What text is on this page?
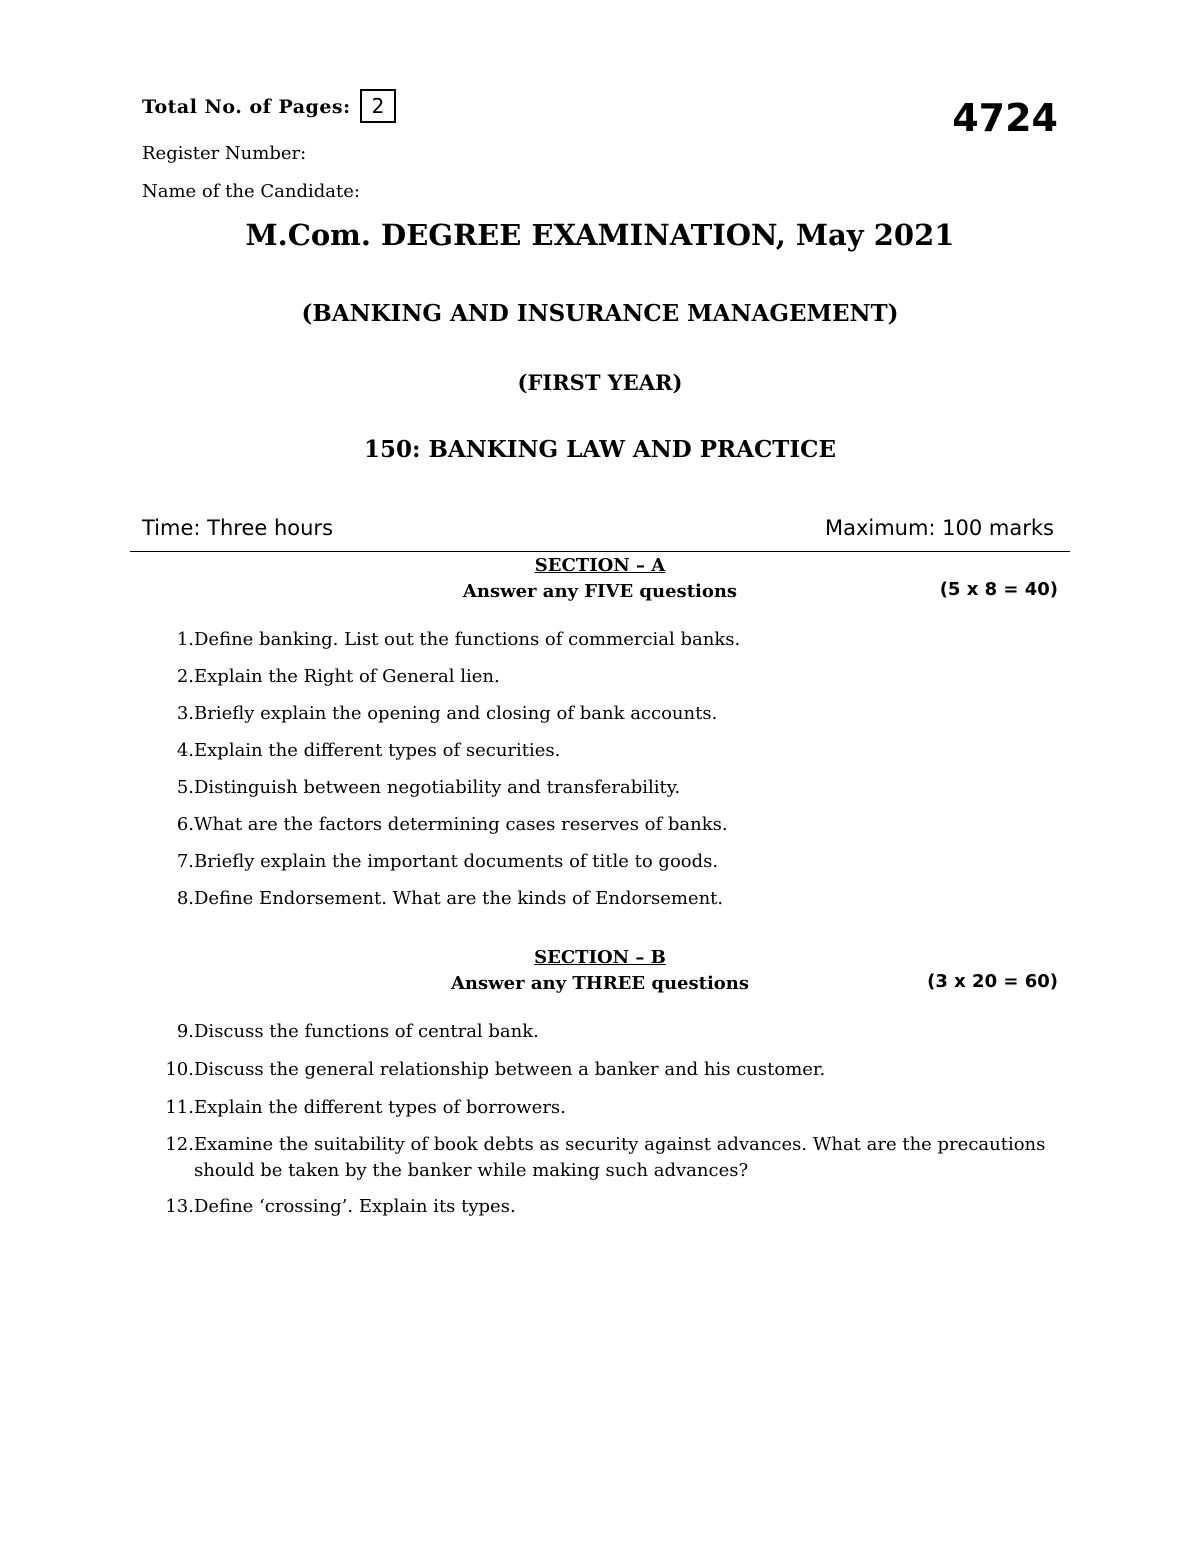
Total No. of Pages:	2	4724
Register Number:
Name of the Candidate:
M.Com. DEGREE EXAMINATION, May 2021
(BANKING AND INSURANCE MANAGEMENT)
(FIRST YEAR)
150: BANKING LAW AND PRACTICE
Time: Three hours	Maximum: 100 marks
SECTION – A
Answer any FIVE questions	(5 x 8 = 40)
1. Define banking. List out the functions of commercial banks.
2. Explain the Right of General lien.
3. Briefly explain the opening and closing of bank accounts.
4. Explain the different types of securities.
5. Distinguish between negotiability and transferability.
6. What are the factors determining cases reserves of banks.
7. Briefly explain the important documents of title to goods.
8. Define Endorsement. What are the kinds of Endorsement.
SECTION – B
Answer any THREE questions	(3 x 20 = 60)
9. Discuss the functions of central bank.
10. Discuss the general relationship between a banker and his customer.
11. Explain the different types of borrowers.
12. Examine the suitability of book debts as security against advances. What are the precautions should be taken by the banker while making such advances?
13. Define ‘crossing’. Explain its types.
